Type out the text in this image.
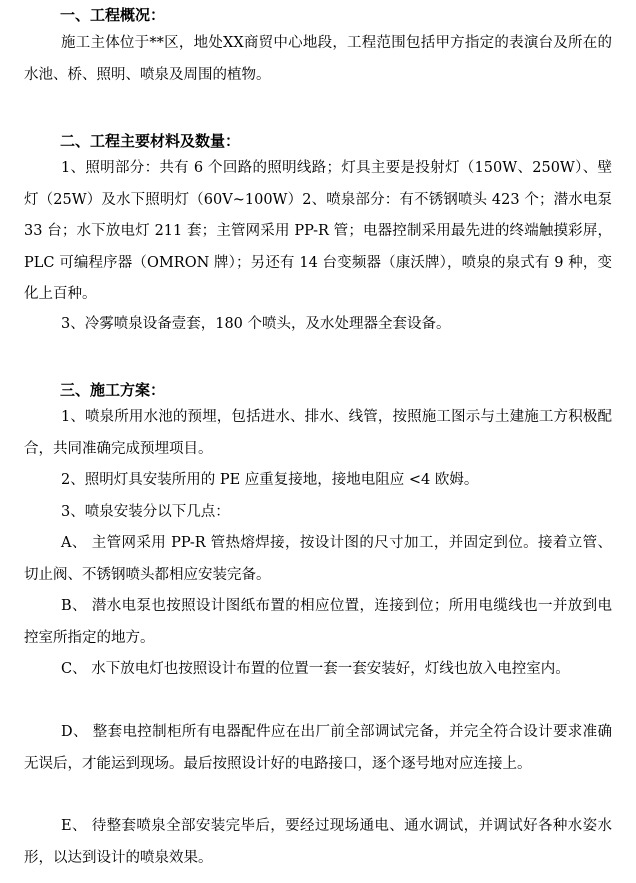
一、工程概况：
施工主体位于**区，地处XX商贸中心地段，工程范围包括甲方指定的表演台及所在的水池、桥、照明、喷泉及周围的植物。
二、工程主要材料及数量：
1、照明部分：共有 6 个回路的照明线路；灯具主要是投射灯（150W、250W）、壁灯（25W）及水下照明灯（60V~100W）2、喷泉部分：有不锈钢喷头 423 个；潜水电泵 33 台；水下放电灯 211 套；主管网采用 PP-R 管；电器控制采用最先进的终端触摸彩屏，PLC 可编程序器（OMRON 牌）；另还有 14 台变频器（康沃牌），喷泉的泉式有 9 种，变化上百种。
3、冷雾喷泉设备壹套，180 个喷头，及水处理器全套设备。
三、施工方案：
1、喷泉所用水池的预埋，包括进水、排水、线管，按照施工图示与土建施工方积极配合，共同准确完成预埋项目。
2、照明灯具安装所用的 PE 应重复接地，接地电阻应 <4 欧姆。
3、喷泉安装分以下几点：
A、 主管网采用 PP-R 管热熔焊接，按设计图的尺寸加工，并固定到位。接着立管、切止阀、不锈钢喷头都相应安装完备。
B、 潜水电泵也按照设计图纸布置的相应位置，连接到位；所用电缆线也一并放到电控室所指定的地方。
C、 水下放电灯也按照设计布置的位置一套一套安装好，灯线也放入电控室内。
D、 整套电控制柜所有电器配件应在出厂前全部调试完备，并完全符合设计要求准确无误后，才能运到现场。最后按照设计好的电路接口，逐个逐号地对应连接上。
E、 待整套喷泉全部安装完毕后，要经过现场通电、通水调试，并调试好各种水姿水形，以达到设计的喷泉效果。
